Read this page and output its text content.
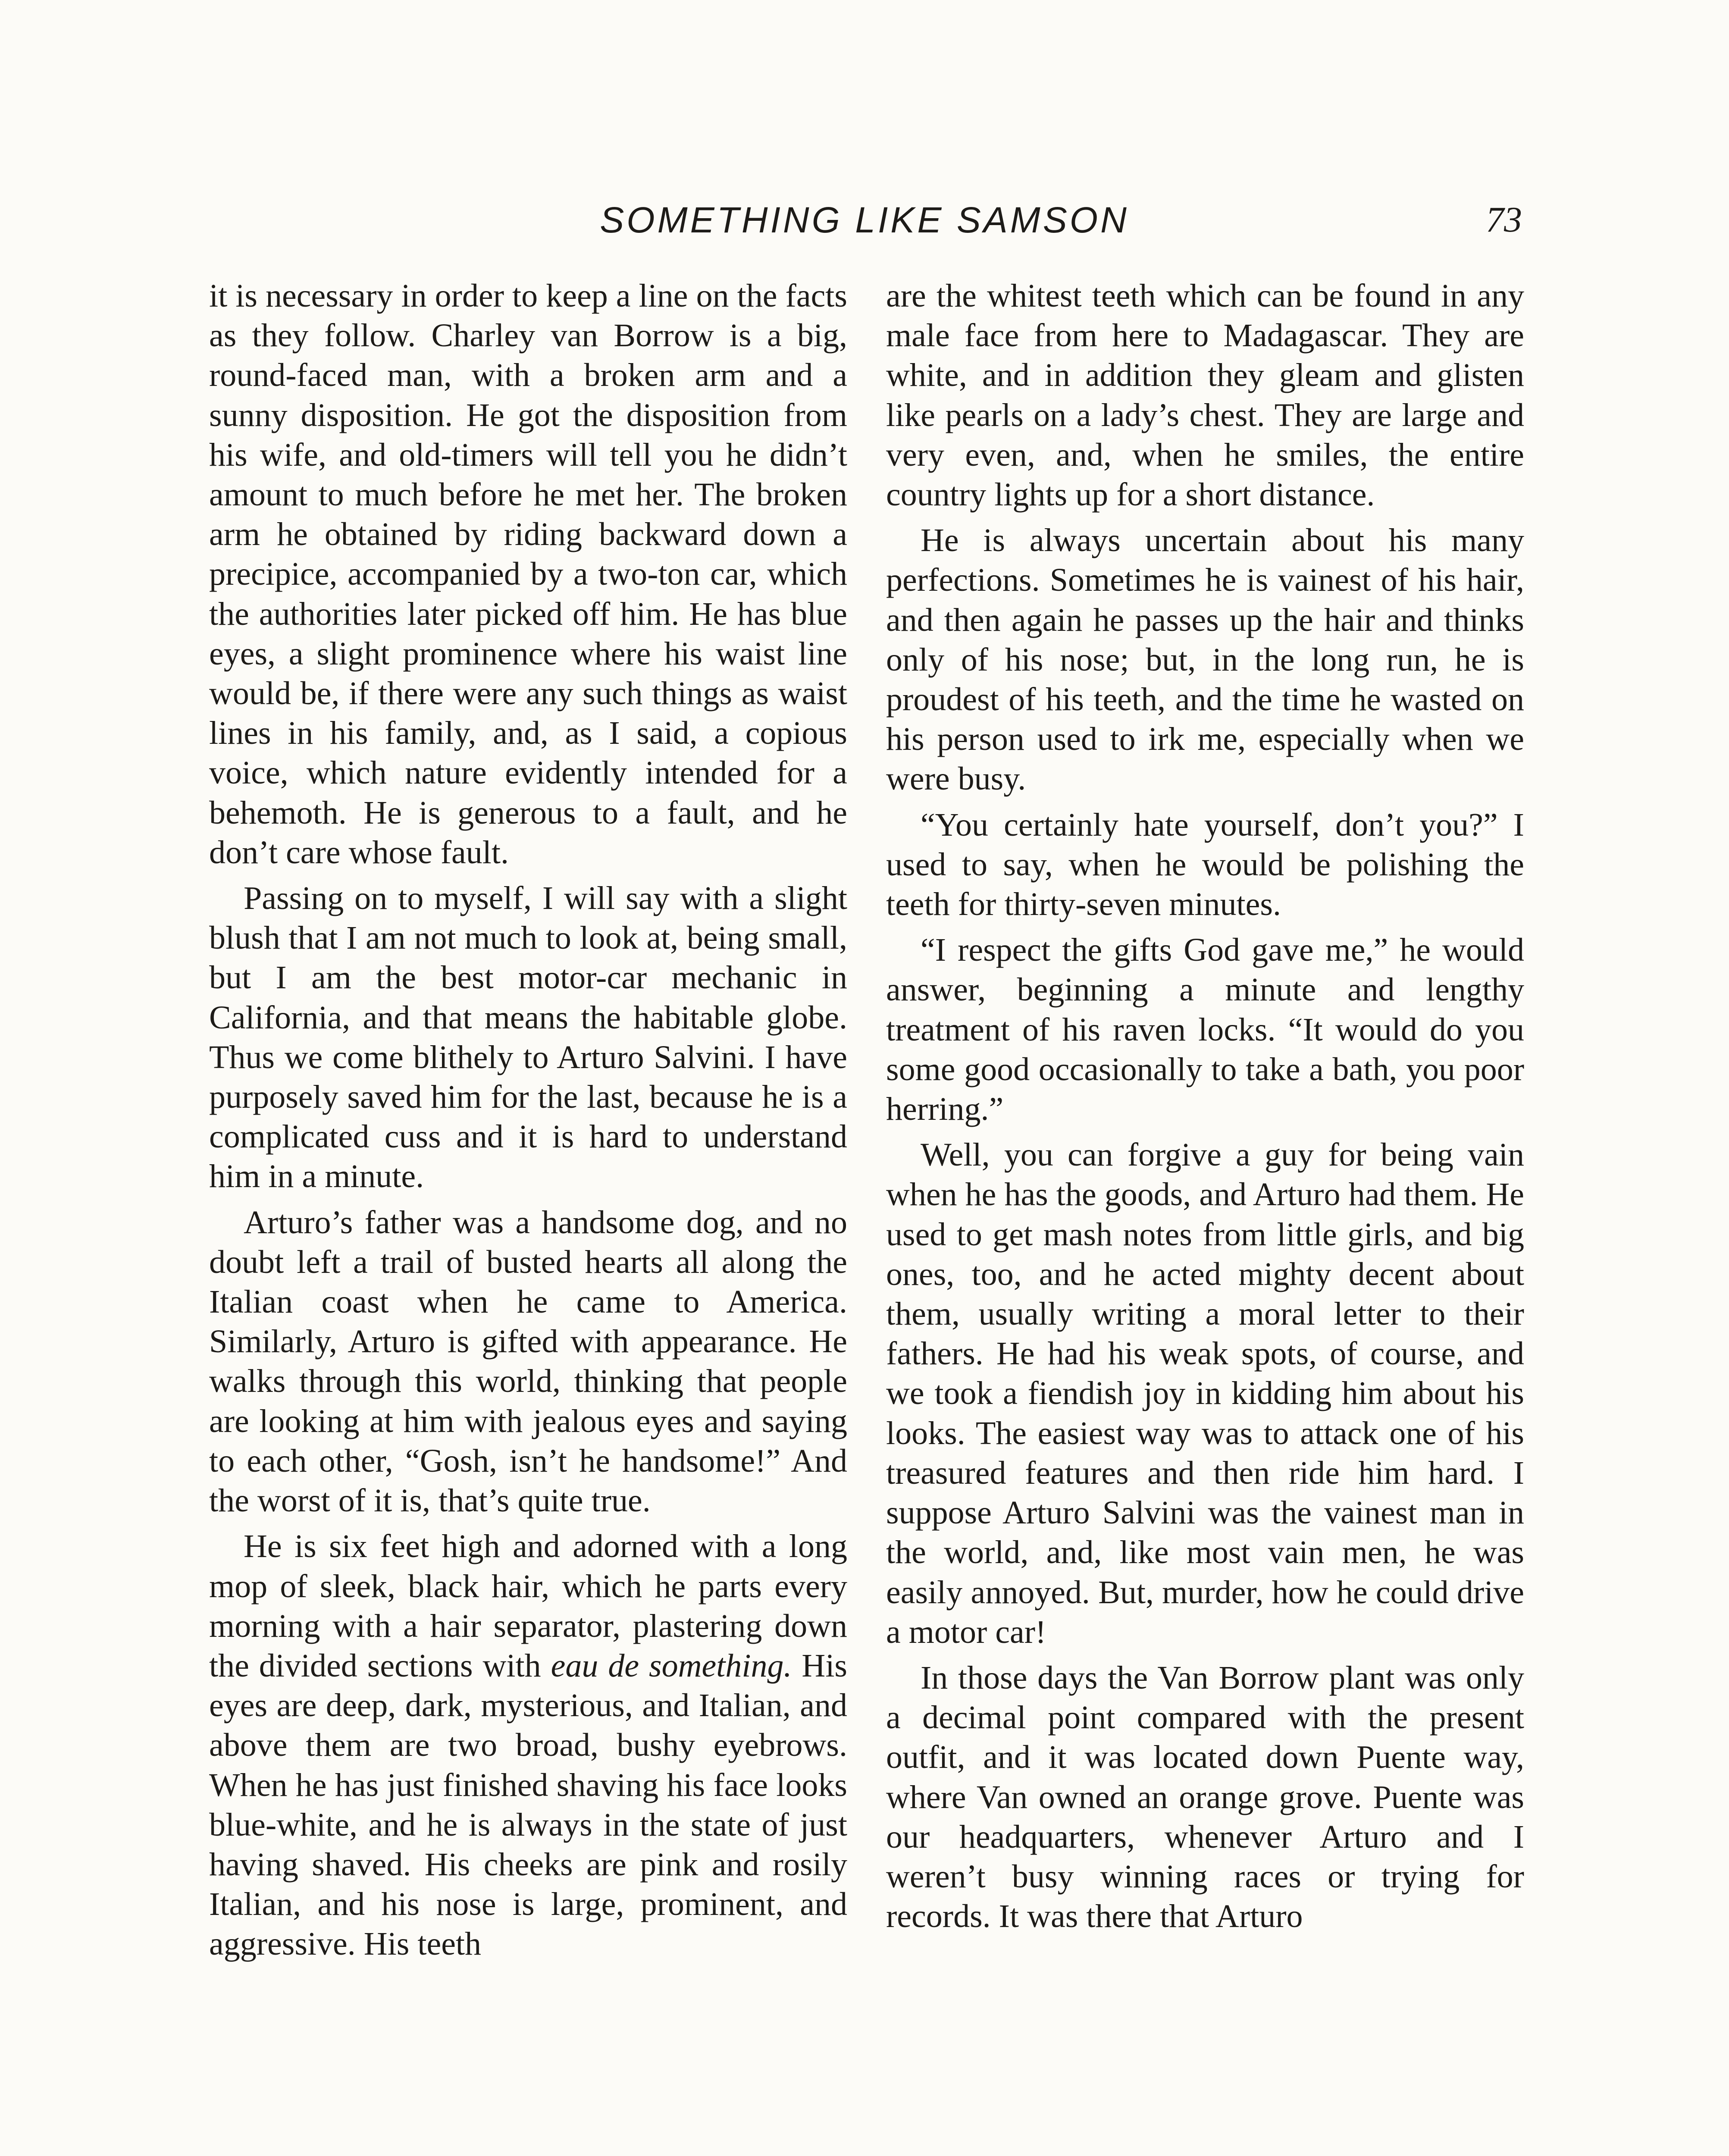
SOMETHING LIKE SAMSON	73

it is necessary in order to keep a line on the facts as they follow. Charley van Borrow is a big, round-faced man, with a broken arm and a sunny disposition. He got the disposition from his wife, and old-timers will tell you he didn’t amount to much before he met her. The broken arm he obtained by riding backward down a precipice, accompanied by a two-ton car, which the authorities later picked off him. He has blue eyes, a slight prominence where his waist line would be, if there were any such things as waist lines in his family, and, as I said, a copious voice, which nature evidently intended for a behemoth. He is generous to a fault, and he don’t care whose fault.

Passing on to myself, I will say with a slight blush that I am not much to look at, being small, but I am the best motor-car mechanic in California, and that means the habitable globe. Thus we come blithely to Arturo Salvini. I have purposely saved him for the last, because he is a complicated cuss and it is hard to understand him in a minute.

Arturo’s father was a handsome dog, and no doubt left a trail of busted hearts all along the Italian coast when he came to America. Similarly, Arturo is gifted with appearance. He walks through this world, thinking that people are looking at him with jealous eyes and saying to each other, “Gosh, isn’t he handsome!” And the worst of it is, that’s quite true.

He is six feet high and adorned with a long mop of sleek, black hair, which he parts every morning with a hair separator, plastering down the divided sections with eau de something. His eyes are deep, dark, mysterious, and Italian, and above them are two broad, bushy eyebrows. When he has just finished shaving his face looks blue-white, and he is always in the state of just having shaved. His cheeks are pink and rosily Italian, and his nose is large, prominent, and aggressive. His teeth

are the whitest teeth which can be found in any male face from here to Madagascar. They are white, and in addition they gleam and glisten like pearls on a lady’s chest. They are large and very even, and, when he smiles, the entire country lights up for a short distance.

He is always uncertain about his many perfections. Sometimes he is vainest of his hair, and then again he passes up the hair and thinks only of his nose; but, in the long run, he is proudest of his teeth, and the time he wasted on his person used to irk me, especially when we were busy.

“You certainly hate yourself, don’t you?” I used to say, when he would be polishing the teeth for thirty-seven minutes.

“I respect the gifts God gave me,” he would answer, beginning a minute and lengthy treatment of his raven locks. “It would do you some good occasionally to take a bath, you poor herring.”

Well, you can forgive a guy for being vain when he has the goods, and Arturo had them. He used to get mash notes from little girls, and big ones, too, and he acted mighty decent about them, usually writing a moral letter to their fathers. He had his weak spots, of course, and we took a fiendish joy in kidding him about his looks. The easiest way was to attack one of his treasured features and then ride him hard. I suppose Arturo Salvini was the vainest man in the world, and, like most vain men, he was easily annoyed. But, murder, how he could drive a motor car!

In those days the Van Borrow plant was only a decimal point compared with the present outfit, and it was located down Puente way, where Van owned an orange grove. Puente was our headquarters, whenever Arturo and I weren’t busy winning races or trying for records. It was there that Arturo
